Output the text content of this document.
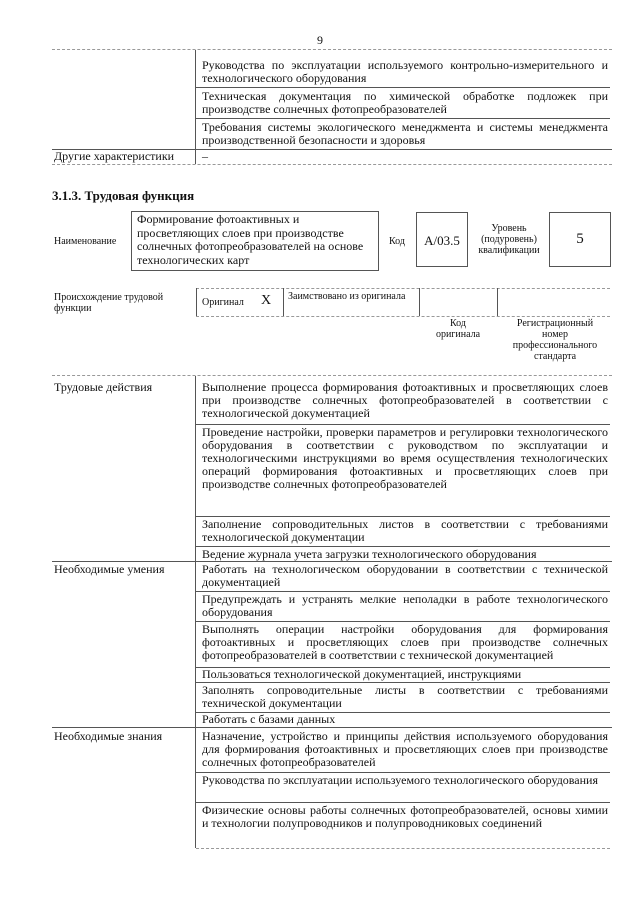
9
Руководства по эксплуатации используемого контрольно-измерительного и технологического оборудования
Техническая документация по химической обработке подложек при производстве солнечных фотопреобразователей
Требования системы экологического менеджмента и системы менеджмента производственной безопасности и здоровья
Другие характеристики	–
3.1.3. Трудовая функция
Наименование
Формирование фотоактивных и просветляющих слоев при производстве солнечных фотопреобразователей на основе технологических карт
Код	А/03.5
Уровень (подуровень) квалификации
5
Происхождение трудовой функции
Оригинал X Заимствовано из оригинала
Код оригинала
Регистрационный номер профессионального стандарта
Трудовые действия	Выполнение процесса формирования фотоактивных и просветляющих слоев при производстве солнечных фотопреобразователей в соответствии с технологической документацией
Проведение настройки, проверки параметров и регулировки технологического оборудования в соответствии с руководством по эксплуатации и технологическими инструкциями во время осуществления технологических операций формирования фотоактивных и просветляющих слоев при производстве солнечных фотопреобразователей
Заполнение сопроводительных листов в соответствии с требованиями технологической документации
Ведение журнала учета загрузки технологического оборудования
Необходимые умения	Работать на технологическом оборудовании в соответствии с технической документацией
Предупреждать и устранять мелкие неполадки в работе технологического оборудования
Выполнять операции настройки оборудования для формирования фотоактивных и просветляющих слоев при производстве солнечных фотопреобразователей в соответствии с технической документацией
Пользоваться технологической документацией, инструкциями
Заполнять сопроводительные листы в соответствии с требованиями технической документации
Работать с базами данных
Необходимые знания	Назначение, устройство и принципы действия используемого оборудования для формирования фотоактивных и просветляющих слоев при производстве солнечных фотопреобразователей
Руководства по эксплуатации используемого технологического оборудования
Физические основы работы солнечных фотопреобразователей, основы химии и технологии полупроводников и полупроводниковых соединений
